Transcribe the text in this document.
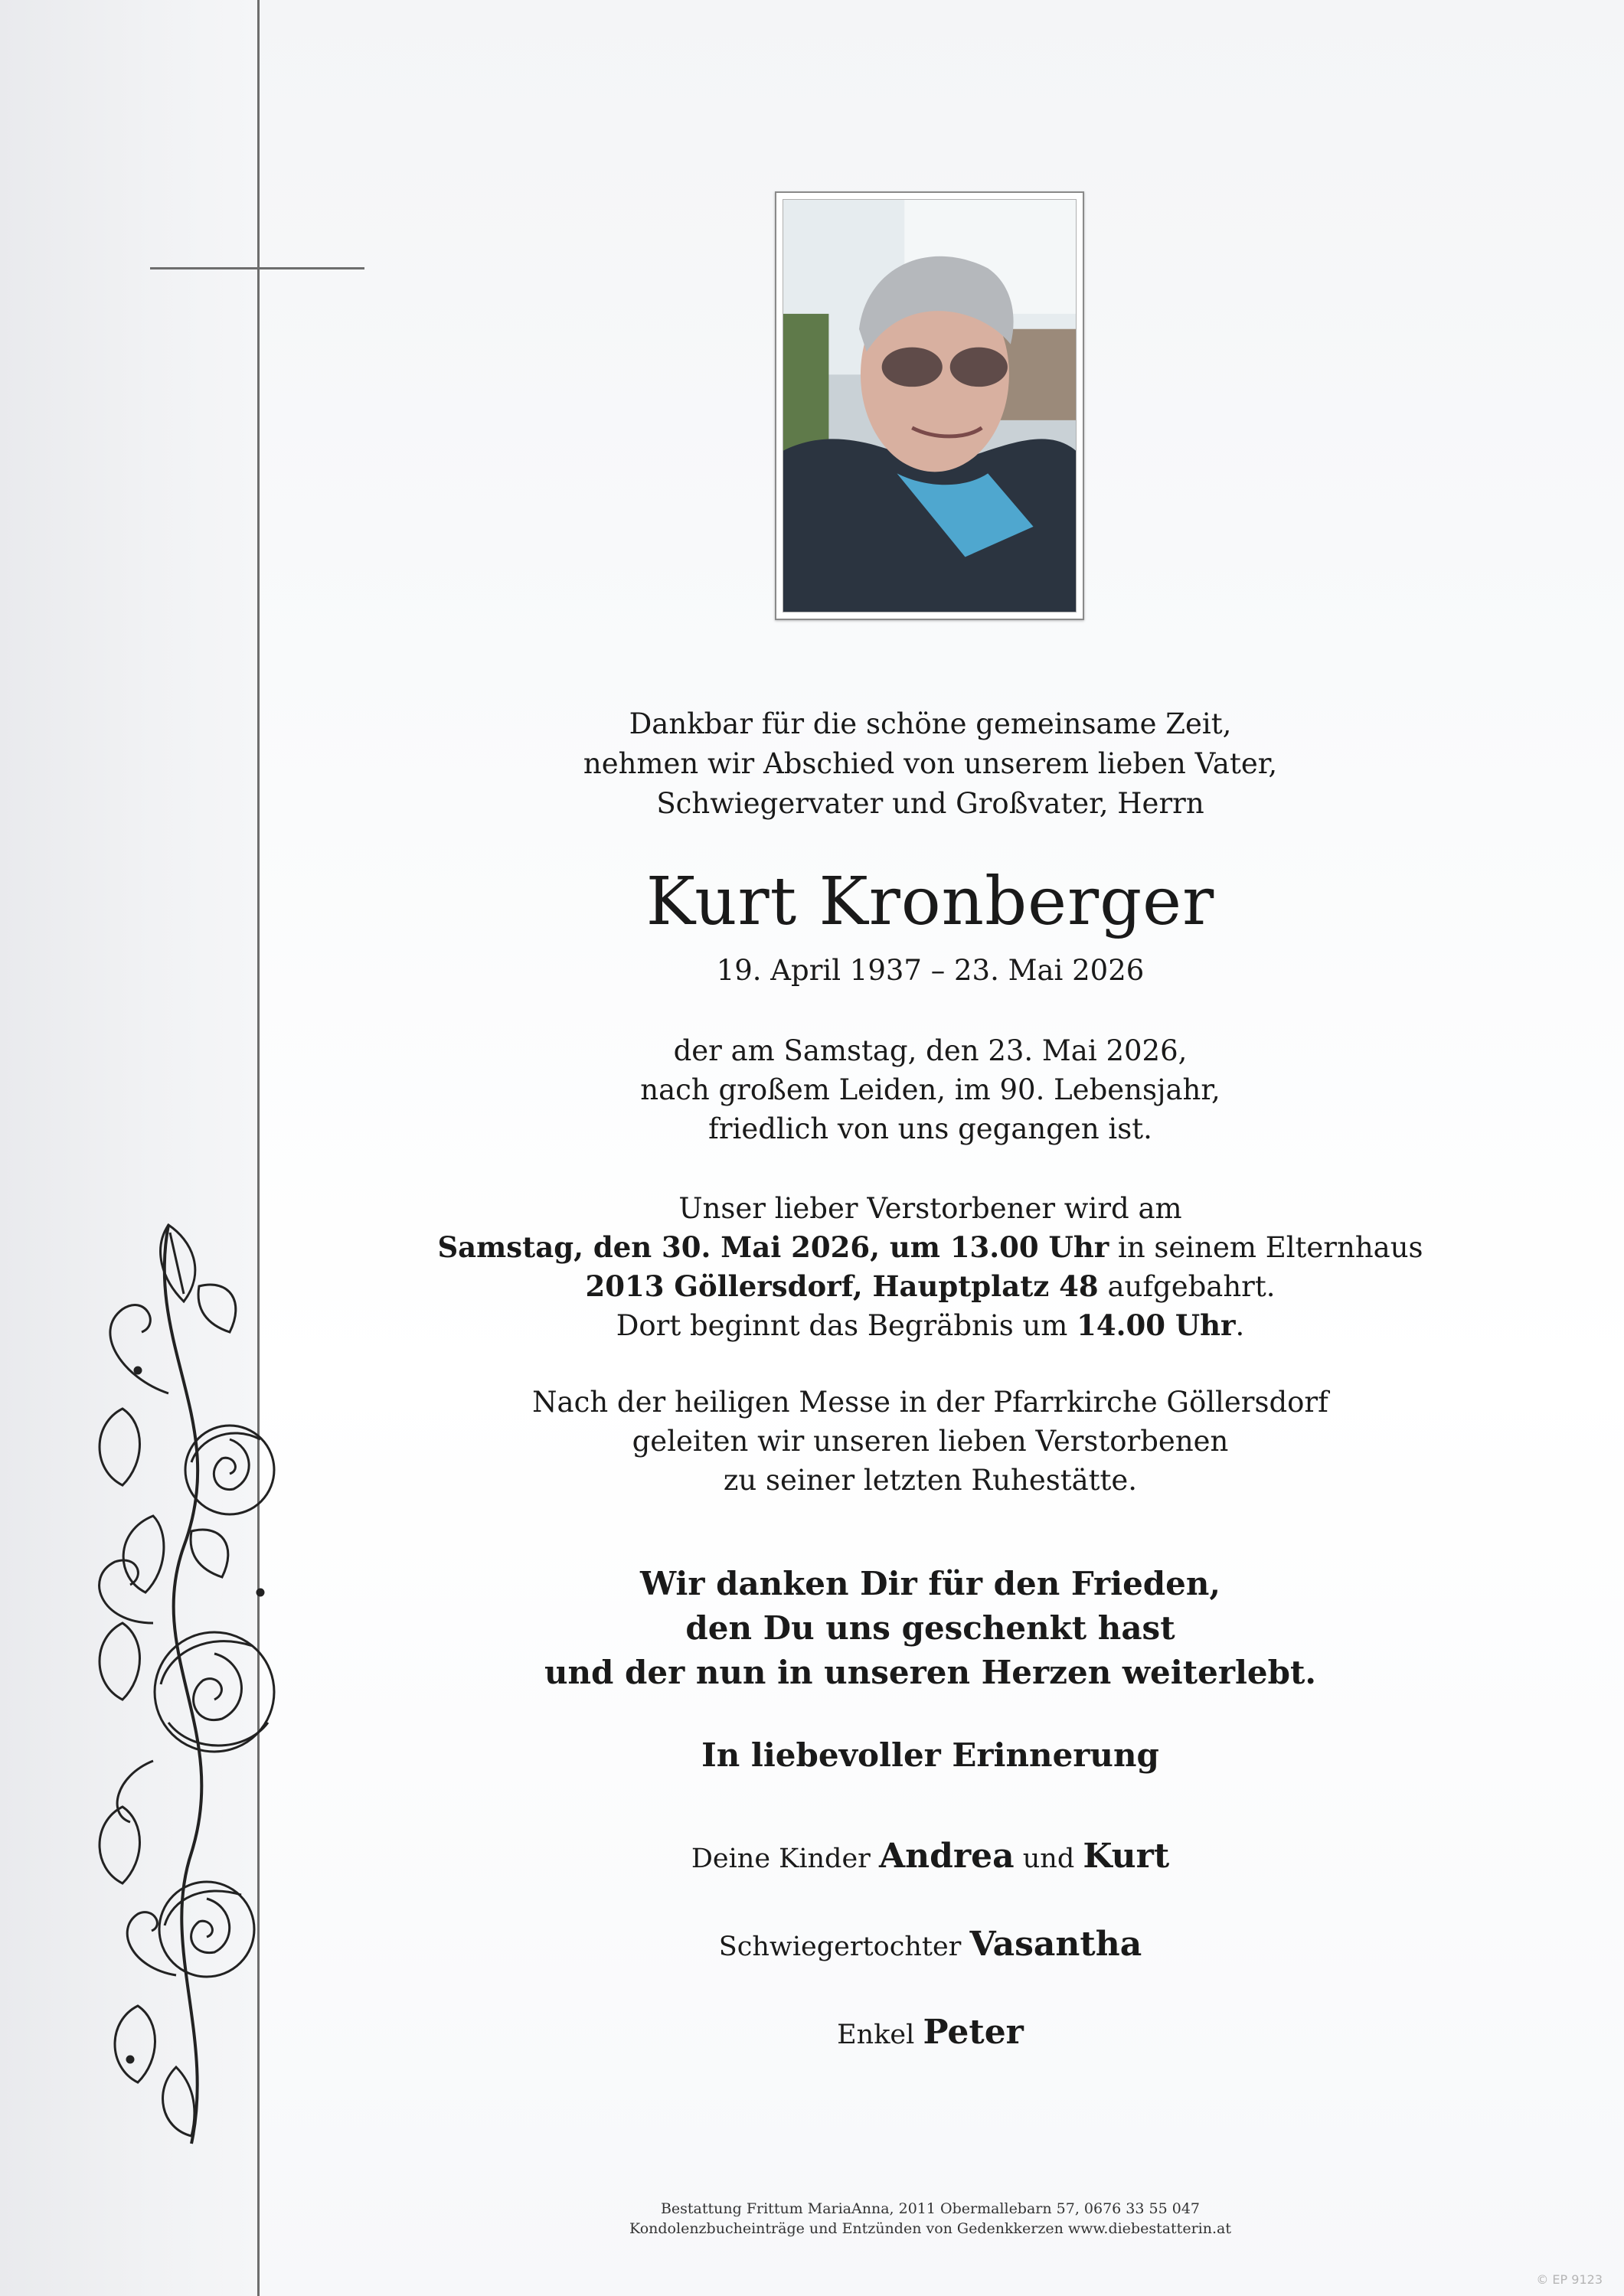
Dankbar für die schöne gemeinsame Zeit,
nehmen wir Abschied von unserem lieben Vater,
Schwiegervater und Großvater, Herrn
Kurt Kronberger
19. April 1937 – 23. Mai 2026
der am Samstag, den 23. Mai 2026,
nach großem Leiden, im 90. Lebensjahr,
friedlich von uns gegangen ist.
Unser lieber Verstorbener wird am
Samstag, den 30. Mai 2026, um 13.00 Uhr in seinem Elternhaus
2013 Göllersdorf, Hauptplatz 48 aufgebahrt.
Dort beginnt das Begräbnis um 14.00 Uhr.
Nach der heiligen Messe in der Pfarrkirche Göllersdorf
geleiten wir unseren lieben Verstorbenen
zu seiner letzten Ruhestätte.
Wir danken Dir für den Frieden,
den Du uns geschenkt hast
und der nun in unseren Herzen weiterlebt.
In liebevoller Erinnerung
Deine Kinder Andrea und Kurt
Schwiegertochter Vasantha
Enkel Peter
Bestattung Frittum MariaAnna, 2011 Obermallebarn 57, 0676 33 55 047
Kondolenzbucheinträge und Entzünden von Gedenkkerzen www.diebestatterin.at
© EP 9123
